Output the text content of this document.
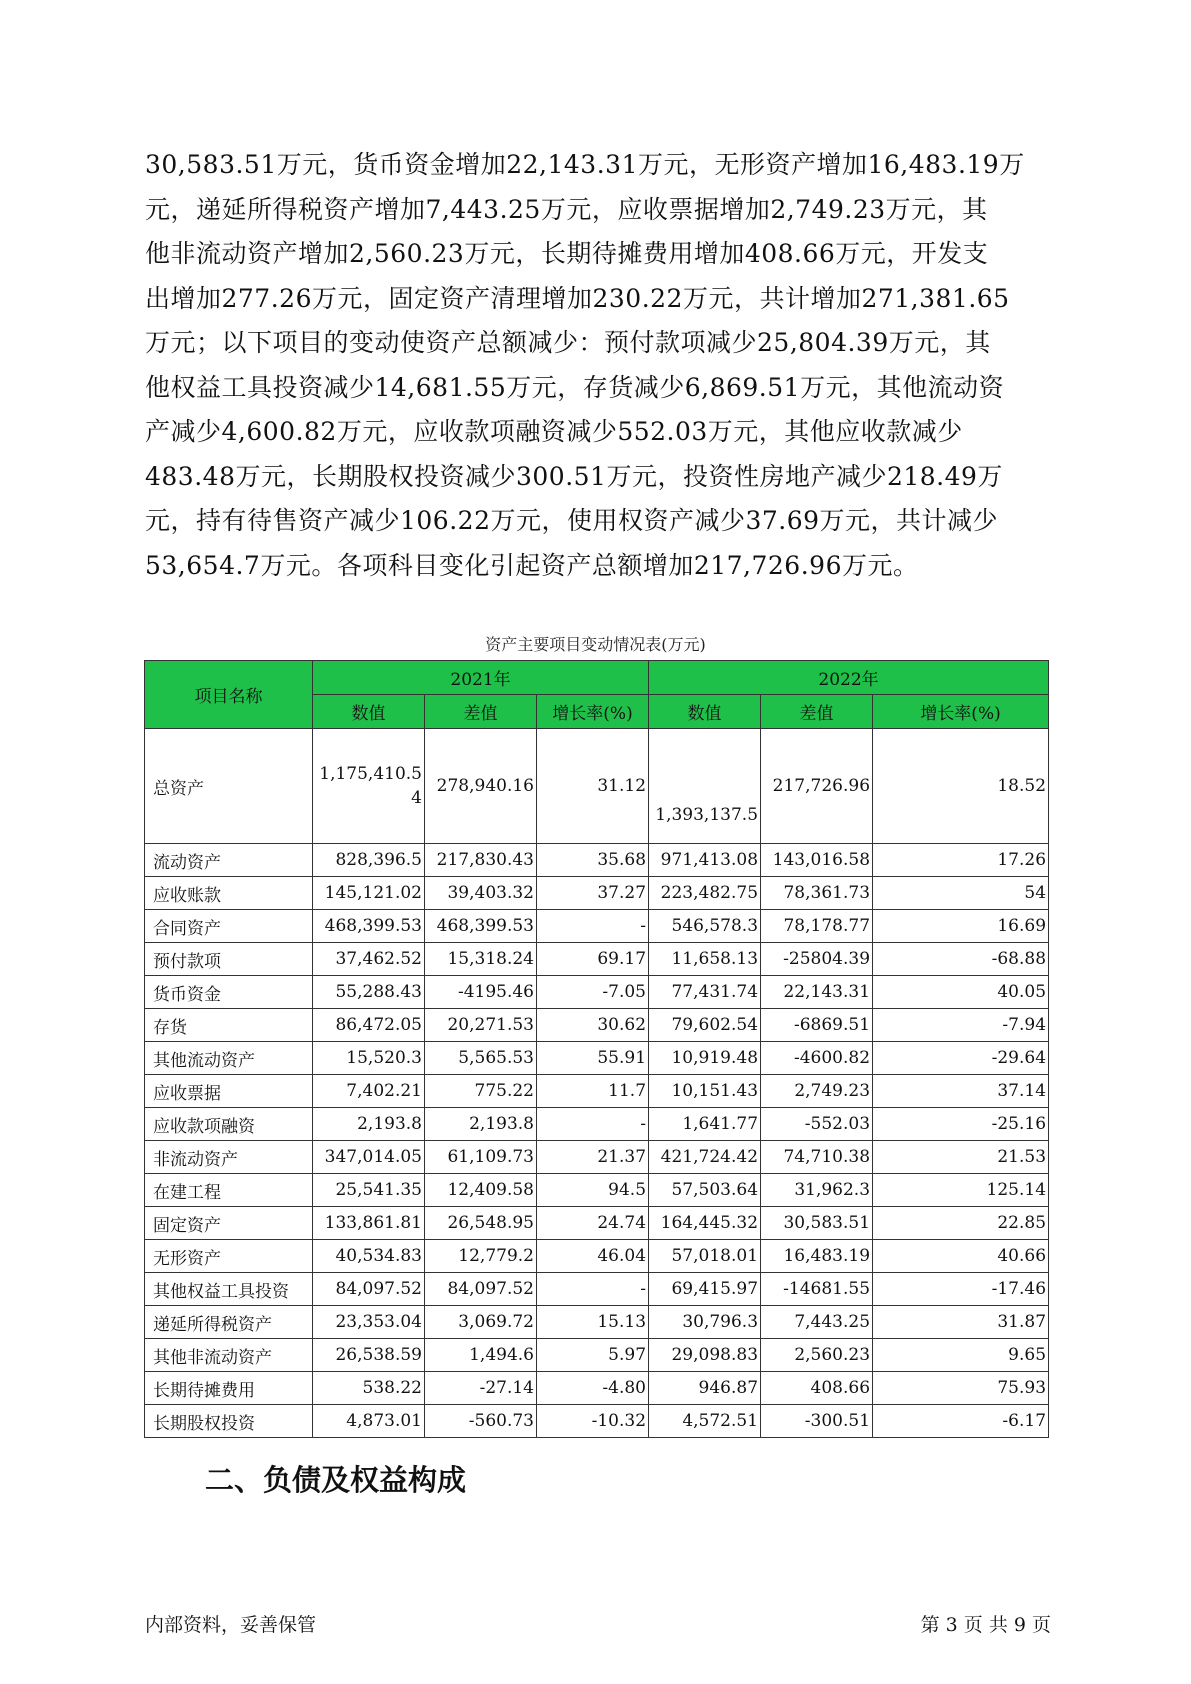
30,583.51万元，货币资金增加22,143.31万元，无形资产增加16,483.19万
元，递延所得税资产增加7,443.25万元，应收票据增加2,749.23万元，其
他非流动资产增加2,560.23万元，长期待摊费用增加408.66万元，开发支
出增加277.26万元，固定资产清理增加230.22万元，共计增加271,381.65
万元；以下项目的变动使资产总额减少：预付款项减少25,804.39万元，其
他权益工具投资减少14,681.55万元，存货减少6,869.51万元，其他流动资
产减少4,600.82万元，应收款项融资减少552.03万元，其他应收款减少
483.48万元，长期股权投资减少300.51万元，投资性房地产减少218.49万
元，持有待售资产减少106.22万元，使用权资产减少37.69万元，共计减少
53,654.7万元。各项科目变化引起资产总额增加217,726.96万元。
资产主要项目变动情况表(万元)
项目名称	2021年			2022年		
	数值	差值	增长率(%)	数值	差值	增长率(%)
总资产	1,175,410.54	278,940.16	31.12	1,393,137.5	217,726.96	18.52
流动资产	828,396.5	217,830.43	35.68	971,413.08	143,016.58	17.26
应收账款	145,121.02	39,403.32	37.27	223,482.75	78,361.73	54
合同资产	468,399.53	468,399.53	-	546,578.3	78,178.77	16.69
预付款项	37,462.52	15,318.24	69.17	11,658.13	-25804.39	-68.88
货币资金	55,288.43	-4195.46	-7.05	77,431.74	22,143.31	40.05
存货	86,472.05	20,271.53	30.62	79,602.54	-6869.51	-7.94
其他流动资产	15,520.3	5,565.53	55.91	10,919.48	-4600.82	-29.64
应收票据	7,402.21	775.22	11.7	10,151.43	2,749.23	37.14
应收款项融资	2,193.8	2,193.8	-	1,641.77	-552.03	-25.16
非流动资产	347,014.05	61,109.73	21.37	421,724.42	74,710.38	21.53
在建工程	25,541.35	12,409.58	94.5	57,503.64	31,962.3	125.14
固定资产	133,861.81	26,548.95	24.74	164,445.32	30,583.51	22.85
无形资产	40,534.83	12,779.2	46.04	57,018.01	16,483.19	40.66
其他权益工具投资	84,097.52	84,097.52	-	69,415.97	-14681.55	-17.46
递延所得税资产	23,353.04	3,069.72	15.13	30,796.3	7,443.25	31.87
其他非流动资产	26,538.59	1,494.6	5.97	29,098.83	2,560.23	9.65
长期待摊费用	538.22	-27.14	-4.80	946.87	408.66	75.93
长期股权投资	4,873.01	-560.73	-10.32	4,572.51	-300.51	-6.17
二、负债及权益构成
内部资料，妥善保管	第 3 页 共 9 页
